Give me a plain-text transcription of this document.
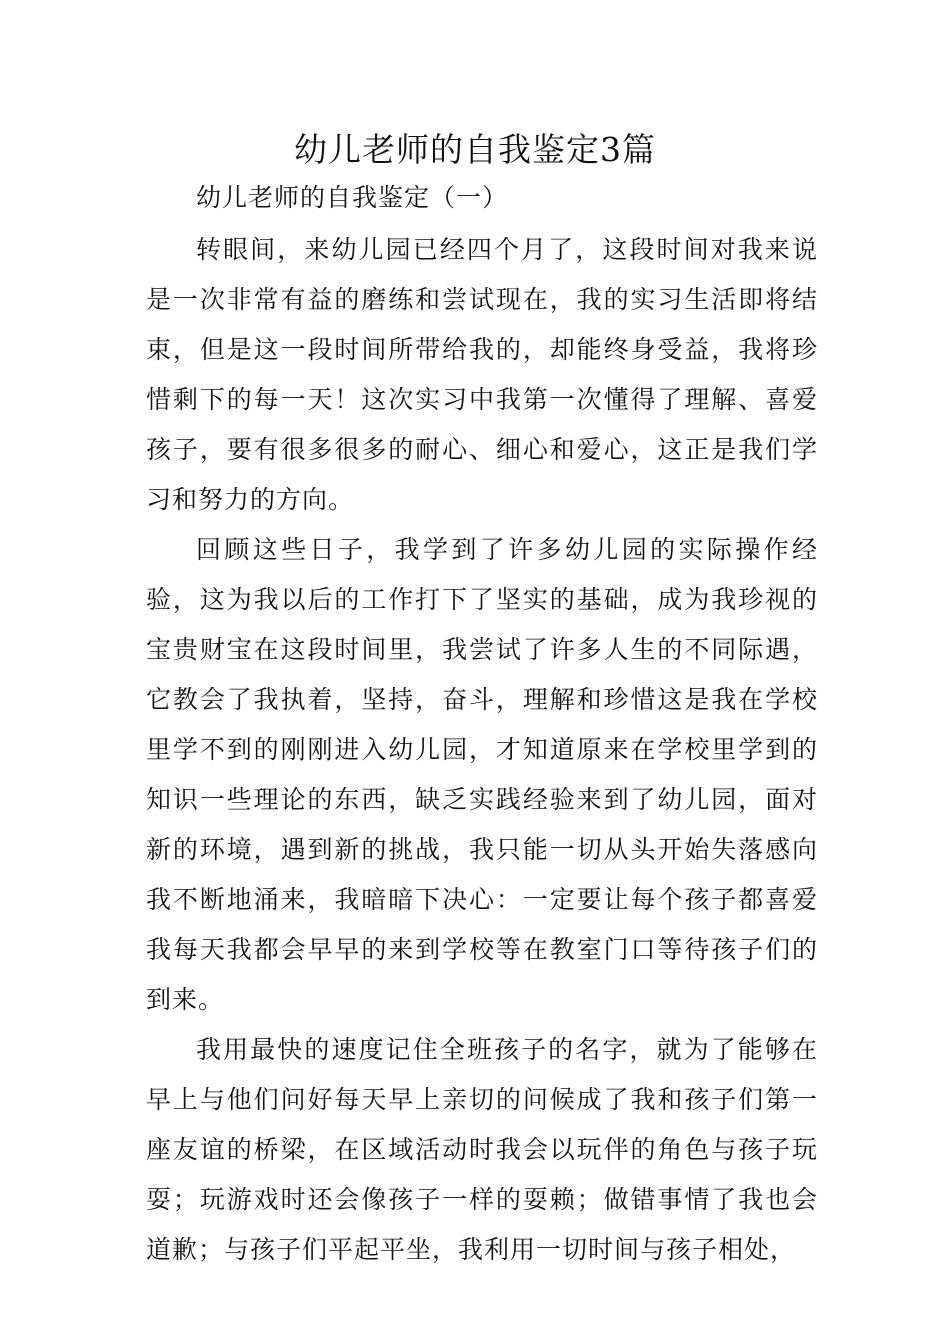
幼儿老师的自我鉴定3篇

幼儿老师的自我鉴定（一）

转眼间，来幼儿园已经四个月了，这段时间对我来说是一次非常有益的磨练和尝试现在，我的实习生活即将结束，但是这一段时间所带给我的，却能终身受益，我将珍惜剩下的每一天！这次实习中我第一次懂得了理解、喜爱孩子，要有很多很多的耐心、细心和爱心，这正是我们学习和努力的方向。

回顾这些日子，我学到了许多幼儿园的实际操作经验，这为我以后的工作打下了坚实的基础，成为我珍视的宝贵财宝在这段时间里，我尝试了许多人生的不同际遇，它教会了我执着，坚持，奋斗，理解和珍惜这是我在学校里学不到的刚刚进入幼儿园，才知道原来在学校里学到的知识一些理论的东西，缺乏实践经验来到了幼儿园，面对新的环境，遇到新的挑战，我只能一切从头开始失落感向我不断地涌来，我暗暗下决心：一定要让每个孩子都喜爱我每天我都会早早的来到学校等在教室门口等待孩子们的到来。

我用最快的速度记住全班孩子的名字，就为了能够在早上与他们问好每天早上亲切的问候成了我和孩子们第一座友谊的桥梁，在区域活动时我会以玩伴的角色与孩子玩耍；玩游戏时还会像孩子一样的耍赖；做错事情了我也会道歉；与孩子们平起平坐，我利用一切时间与孩子相处，
